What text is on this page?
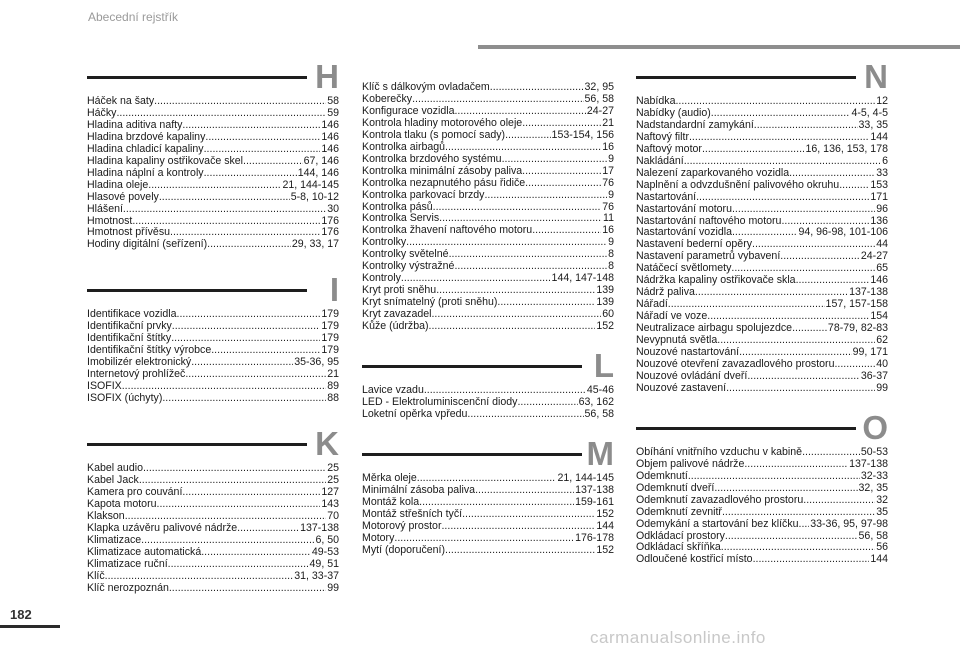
Abecední rejstřík
H
Háček na šaty .....	58
Háčky .....	59
Hladina aditiva nafty .....	146
Hladina brzdové kapaliny .....	146
Hladina chladicí kapaliny .....	146
Hladina kapaliny ostřikovače skel .....	67, 146
Hladina náplní a kontroly .....	144, 146
Hladina oleje .....	21, 144-145
Hlasové povely .....	5-8, 10-12
Hlášení .....	30
Hmotnost .....	176
Hmotnost přívěsu .....	176
Hodiny digitální (seřízení) .....	29, 33, 17
I
Identifikace vozidla .....	179
Identifikační prvky .....	179
Identifikační štítky .....	179
Identifikační štítky výrobce .....	179
Imobilizér elektronický .....	35-36, 95
Internetový prohlížeč .....	21
ISOFIX .....	89
ISOFIX (úchyty) .....	88
K
Kabel audio .....	25
Kabel Jack .....	25
Kamera pro couvání .....	127
Kapota motoru .....	143
Klakson .....	70
Klapka uzávěru palivové nádrže .....	137-138
Klimatizace .....	6, 50
Klimatizace automatická .....	49-53
Klimatizace ruční .....	49, 51
Klíč .....	31, 33-37
Klíč nerozpoznán .....	99
Klíč s dálkovým ovladačem .....	32, 95
Koberečky .....	56, 58
Konfigurace vozidla .....	24-27
Kontrola hladiny motorového oleje .....	21
Kontrola tlaku (s pomocí sady) .....	153-154, 156
Kontrolka airbagů .....	16
Kontrolka brzdového systému .....	9
Kontrolka minimální zásoby paliva .....	17
Kontrolka nezapnutého pásu řidiče .....	76
Kontrolka parkovací brzdy .....	9
Kontrolka pásů .....	76
Kontrolka Servis .....	11
Kontrolka žhavení naftového motoru .....	16
Kontrolky .....	9
Kontrolky světelné .....	8
Kontrolky výstražné .....	8
Kontroly .....	144, 147-148
Kryt proti sněhu .....	139
Kryt snímatelný (proti sněhu) .....	139
Kryt zavazadel .....	60
Kůže (údržba) .....	152
L
Lavice vzadu .....	45-46
LED - Elektroluminiscenční diody .....	63, 162
Loketní opěrka vpředu .....	56, 58
M
Měrka oleje .....	21, 144-145
Minimální zásoba paliva .....	137-138
Montáž kola .....	159-161
Montáž střešních tyčí .....	152
Motorový prostor .....	144
Motory .....	176-178
Mytí (doporučení) .....	152
N
Nabídka .....	12
Nabídky (audio) .....	4-5, 4-5
Nadstandardní zamykání .....	33, 35
Naftový filtr .....	144
Naftový motor .....	16, 136, 153, 178
Nakládání .....	6
Nalezení zaparkovaného vozidla .....	33
Naplnění a odvzdušnění palivového okruhu .....	153
Nastartování .....	171
Nastartování motoru .....	96
Nastartování naftového motoru .....	136
Nastartování vozidla .....	94, 96-98, 101-106
Nastavení bederní opěry .....	44
Nastavení parametrů vybavení .....	24-27
Natáčecí světlomety .....	65
Nádržka kapaliny ostřikovače skla .....	146
Nádrž paliva .....	137-138
Nářadí .....	157, 157-158
Nářadí ve voze .....	154
Neutralizace airbagu spolujezdce .....	78-79, 82-83
Nevypnutá světla .....	62
Nouzové nastartování .....	99, 171
Nouzové otevření zavazadlového prostoru .....	40
Nouzové ovládání dveří .....	36-37
Nouzové zastavení .....	99
O
Obíhání vnitřního vzduchu v kabině .....	50-53
Objem palivové nádrže .....	137-138
Odemknutí .....	32-33
Odemknutí dveří .....	32, 35
Odemknutí zavazadlového prostoru .....	32
Odemknutí zevnitř .....	35
Odemykání a startování bez klíčku ..... 33-36, 95, 97-98
Odkládací prostory .....	56, 58
Odkládací skříňka .....	56
Odloučené kostřicí místo .....	144
182
carmanualsonline.info
